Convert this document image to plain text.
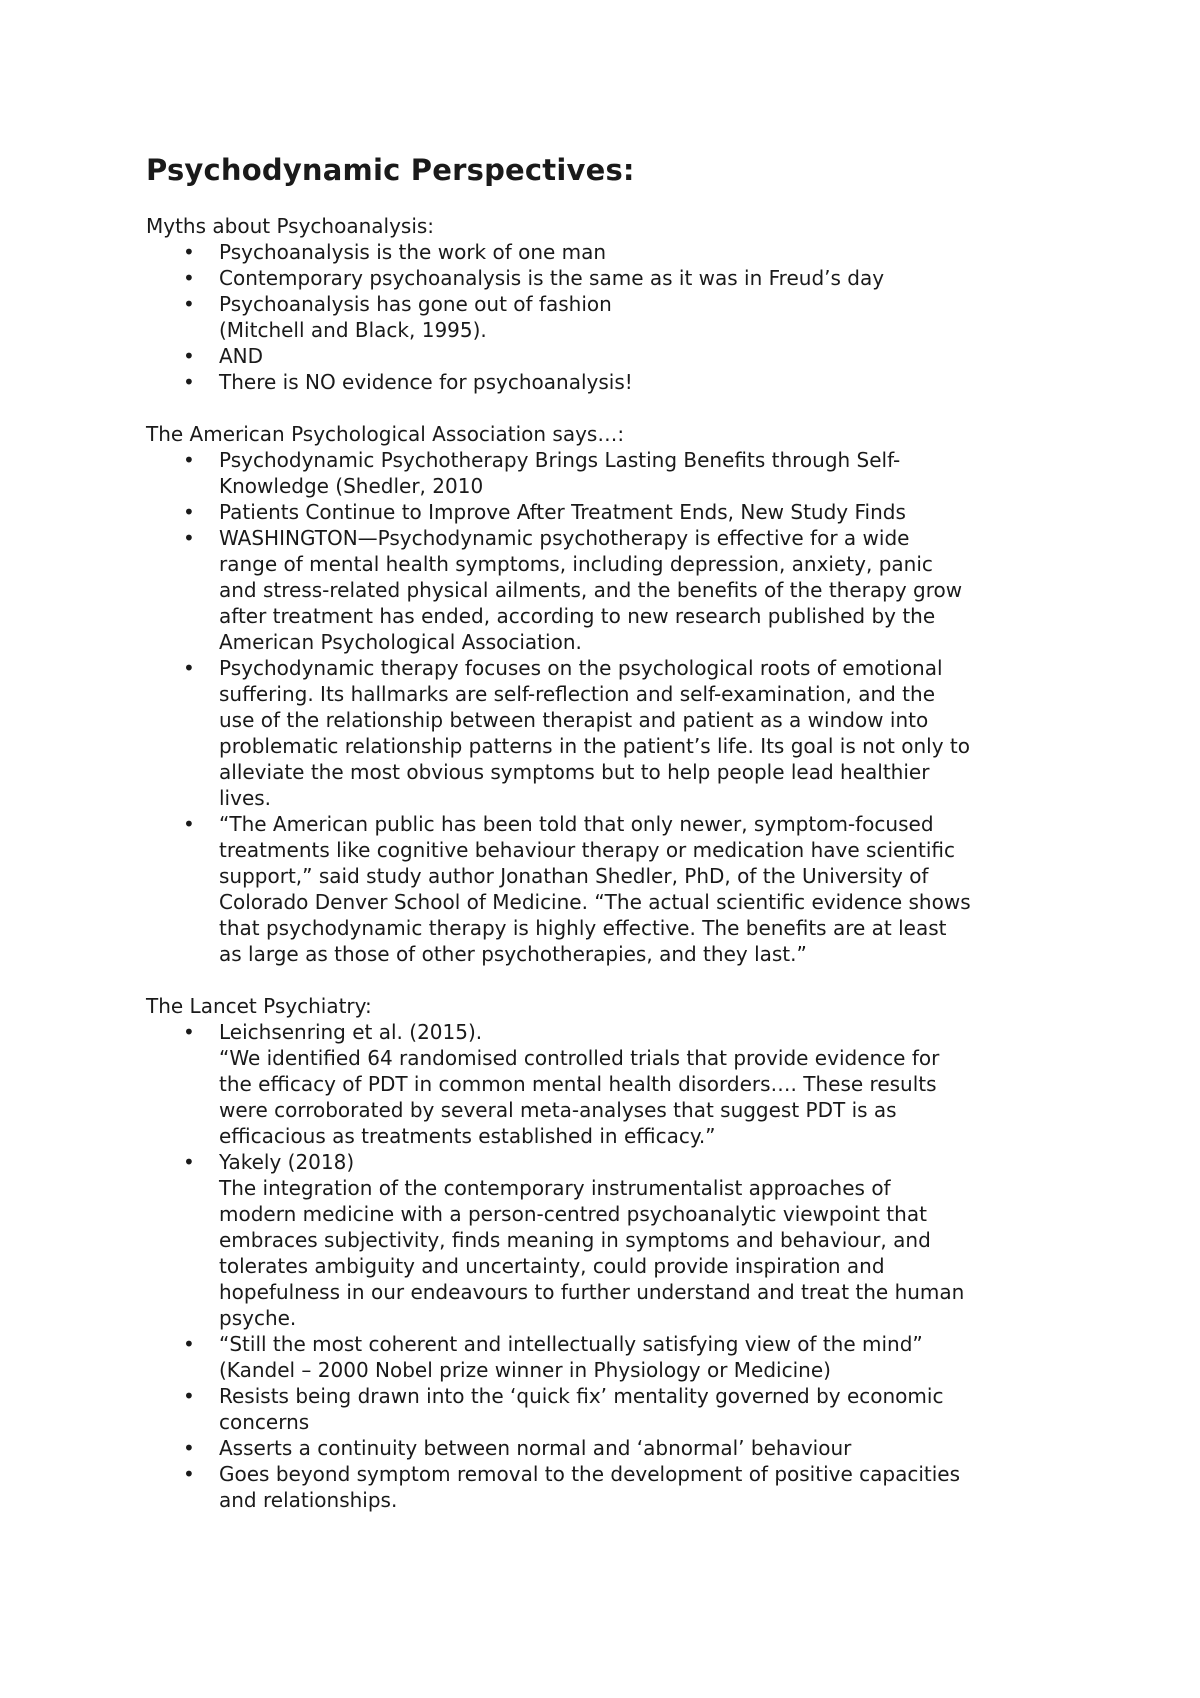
Psychodynamic Perspectives:

Myths about Psychoanalysis:

• Psychoanalysis is the work of one man
• Contemporary psychoanalysis is the same as it was in Freud’s day
• Psychoanalysis has gone out of fashion
(Mitchell and Black, 1995).
• AND
• There is NO evidence for psychoanalysis!

The American Psychological Association says…:

• Psychodynamic Psychotherapy Brings Lasting Benefits through Self-
Knowledge (Shedler, 2010
• Patients Continue to Improve After Treatment Ends, New Study Finds
• WASHINGTON—Psychodynamic psychotherapy is effective for a wide
range of mental health symptoms, including depression, anxiety, panic
and stress-related physical ailments, and the benefits of the therapy grow
after treatment has ended, according to new research published by the
American Psychological Association.
• Psychodynamic therapy focuses on the psychological roots of emotional
suffering. Its hallmarks are self-reflection and self-examination, and the
use of the relationship between therapist and patient as a window into
problematic relationship patterns in the patient’s life. Its goal is not only to
alleviate the most obvious symptoms but to help people lead healthier
lives.
• “The American public has been told that only newer, symptom-focused
treatments like cognitive behaviour therapy or medication have scientific
support,” said study author Jonathan Shedler, PhD, of the University of
Colorado Denver School of Medicine. “The actual scientific evidence shows
that psychodynamic therapy is highly effective. The benefits are at least
as large as those of other psychotherapies, and they last.”

The Lancet Psychiatry:

• Leichsenring et al. (2015).
“We identified 64 randomised controlled trials that provide evidence for
the efficacy of PDT in common mental health disorders…. These results
were corroborated by several meta-analyses that suggest PDT is as
efficacious as treatments established in efficacy.”
• Yakely (2018)
The integration of the contemporary instrumentalist approaches of
modern medicine with a person-centred psychoanalytic viewpoint that
embraces subjectivity, finds meaning in symptoms and behaviour, and
tolerates ambiguity and uncertainty, could provide inspiration and
hopefulness in our endeavours to further understand and treat the human
psyche.
• “Still the most coherent and intellectually satisfying view of the mind”
(Kandel – 2000 Nobel prize winner in Physiology or Medicine)
• Resists being drawn into the ‘quick fix’ mentality governed by economic
concerns
• Asserts a continuity between normal and ‘abnormal’ behaviour
• Goes beyond symptom removal to the development of positive capacities
and relationships.
